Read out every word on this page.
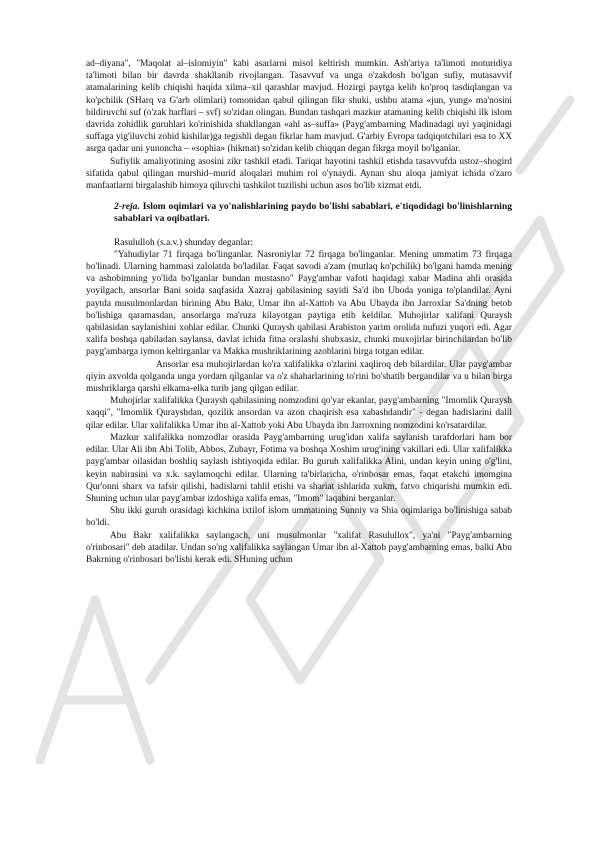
ad–diyana", "Maqolat al–islomiyin" kabi asarlarni misol keltirish mumkin. Ash'ariya ta'limoti moturidiya ta'limoti bilan bir davrda shakllanib rivojlangan. Tasavvuf va unga o'zakdosh bo'lgan sufiy, mutasavvif atamalarining kelib chiqishi haqida xilma–xil qarashlar mavjud. Hozirgi paytga kelib ko'proq tasdiqlangan va ko'pchilik (SHarq va G'arb olimlari) tomonidan qabul qilingan fikr shuki, ushbu atama «jun, yung» ma'nosini bildiruvchi suf (o'zak harflari – svf) so'zidan olingan. Bundan tashqari mazkur atamaning kelib chiqishi ilk islom davrida zohidlik guruhlari ko'rinishida shakllangan «ahl as–suffa» (Payg'ambarning Madinadagi uyi yaqinidagi suffaga yig'iluvchi zohid kishilar)ga tegishli degan fikrlar ham mavjud. G'arbiy Evropa tadqiqotchilari esa to XX asrga qadar uni yunoncha – «sophia» (hikmat) so'zidan kelib chiqqan degan fikrga moyil bo'lganlar.

Sufiylik amaliyotining asosini zikr tashkil etadi. Tariqat hayotini tashkil etishda tasavvufda ustoz–shogird sifatida qabul qilingan murshid–murid aloqalari muhim rol o'ynaydi. Aynan shu aloqa jamiyat ichida o'zaro manfaatlarni birgalashib himoya qiluvchi tashkilot tuzilishi uchun asos bo'lib xizmat etdi.

2-reja. Islom oqimlari va yo'nalishlarining paydo bo'lishi sabablari, e'tiqodidagi bo'linishlarning sabablari va oqibatlari.

Rasululloh (s.a.v.) shunday deganlar:

"Yahudiylar 71 firqaga bo'linganlar. Nasroniylar 72 firqaga bo'linganlar. Mening ummatim 73 firqaga bo'linadi. Ularning hammasi zalolatda bo'ladilar. Faqat savodi a'zam (mutlaq ko'pchilik) bo'lgani hamda mening va ashobimning yo'lida bo'lganlar bundan mustasno" Payg'ambar vafoti haqidagi xabar Madina ahli orasida yoyilgach, ansorlar Bani soida saqfasida Xazraj qabilasining sayidi Sa'd ibn Uboda yoniga to'plandilar. Ayni paytda musulmonlardan birining Abu Bakr, Umar ibn al-Xattob va Abu Ubayda ibn Jarroxlar Sa'dning betob bo'lishiga qaramasdan, ansorlarga ma'ruza kilayotgan paytiga etib keldilar. Muhojirlar xalifani Quraysh qabilasidan saylanishini xohlar edilar. Chunki Quraysh qabilasi Arabiston yarim orolida nufuzi yuqori edi. Agar xalifa boshqa qabiladan saylansa, davlat ichida fitna oralashi shubxasiz, chunki muxojirlar birinchilardan bo'lib payg'ambarga iymon keltirganlar va Makka mushriklarining azoblarini birga totgan edilar.

Ansorlar esa muhojirlardan ko'ra xalifalikka o'zlarini xaqliroq deb bilardilar. Ular payg'ambar qiyin axvolda qolganda unga yordam qilganlar va o'z shaharlarining to'rini bo'shatib bergandilar va u bilan birga mushriklarga qarshi elkama-elka turib jang qilgan edilar.

Muhojirlar xalifalikka Quraysh qabilasining nomzodini qo'yar ekanlar, payg'ambarning "Imomlik Quraysh xaqqi", "Imomlik Qurayshdan, qozilik ansordan va azon chaqirish esa xabashdandir" - degan hadislarini dalil qilar edilar. Ular xalifalikka Umar ibn al-Xattob yoki Abu Ubayda ibn Jarroxning nomzodini ko'rsatardilar.

Mazkur xalifalikka nomzodlar orasida Payg'ambarning urug'idan xalifa saylanish tarafdorlari ham bor edilar. Ular Ali ibn Abi Tolib, Abbos, Zubayr, Fotima va boshqa Xoshim urug'ining vakillari edi. Ular xalifalikka payg'ambar oilasidan boshliq saylash ishtiyoqida edilar. Bu guruh xalifalikka Alini, undan keyin uning o'g'lini, keyin nabirasini va x.k. saylamoqchi edilar. Ularning ta'birlaricha, o'rinbosar emas, faqat etakchi imomgina Qur'onni sharx va tafsir qilishi, hadislarni tahlil etishi va shariat ishlarida xukm, fatvo chiqarishi mumkin edi. Shuning uchun ular payg'ambar izdoshiga xalifa emas, "Imom" laqabini berganlar.

Shu ikki guruh orasidagi kichkina ixtilof islom ummatining Sunniy va Shia oqimlariga bo'linishiga sabab bo'ldi.

Abu Bakr xalifalikka saylangach, uni musulmonlar "xalifat Rasulullox", ya'ni "Payg'ambarning o'rinbosari" deb atadilar. Undan so'ng xalifalikka saylangan Umar ibn al-Xattob payg'ambarning emas, balki Abu Bakrning o'rinbosari bo'lishi kerak edi. SHuning uchun
